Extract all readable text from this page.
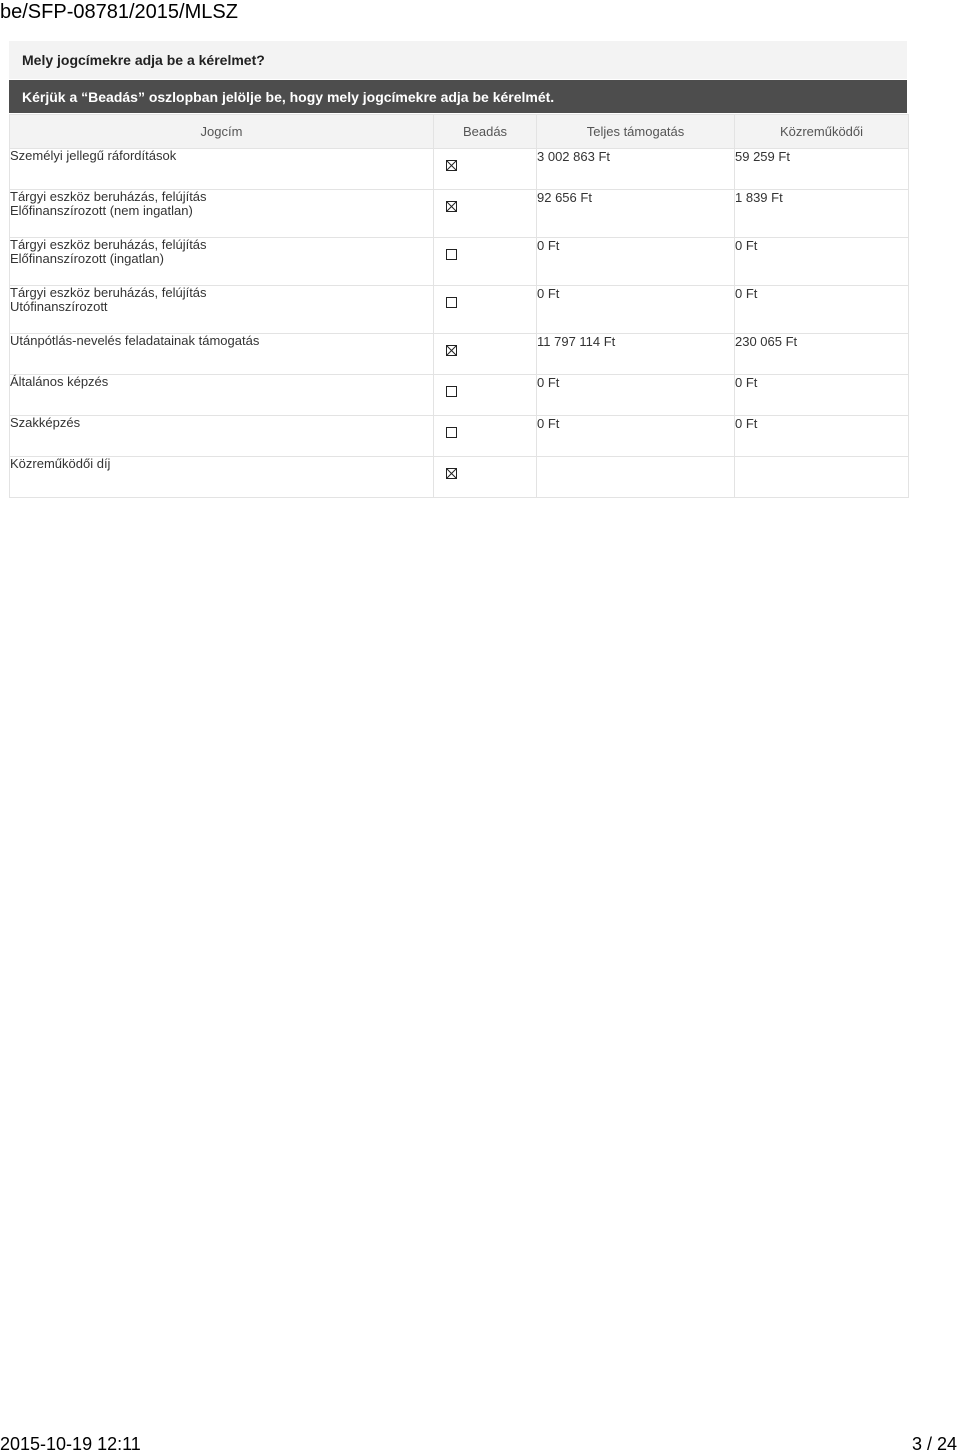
be/SFP-08781/2015/MLSZ
Mely jogcímekre adja be a kérelmet?
Kérjük a “Beadás” oszlopban jelölje be, hogy mely jogcímekre adja be kérelmét.
Jogcím	Beadás	Teljes támogatás	Közreműködői
Személyi jellegű ráfordítások		3 002 863 Ft	59 259 Ft
Tárgyi eszköz beruházás, felújítás
Előfinanszírozott (nem ingatlan)		92 656 Ft	1 839 Ft
Tárgyi eszköz beruházás, felújítás
Előfinanszírozott (ingatlan)		0 Ft	0 Ft
Tárgyi eszköz beruházás, felújítás
Utófinanszírozott		0 Ft	0 Ft
Utánpótlás-nevelés feladatainak támogatás		11 797 114 Ft	230 065 Ft
Általános képzés		0 Ft	0 Ft
Szakképzés		0 Ft	0 Ft
Közreműködői díj	

2015-10-19 12:11	3 / 24
